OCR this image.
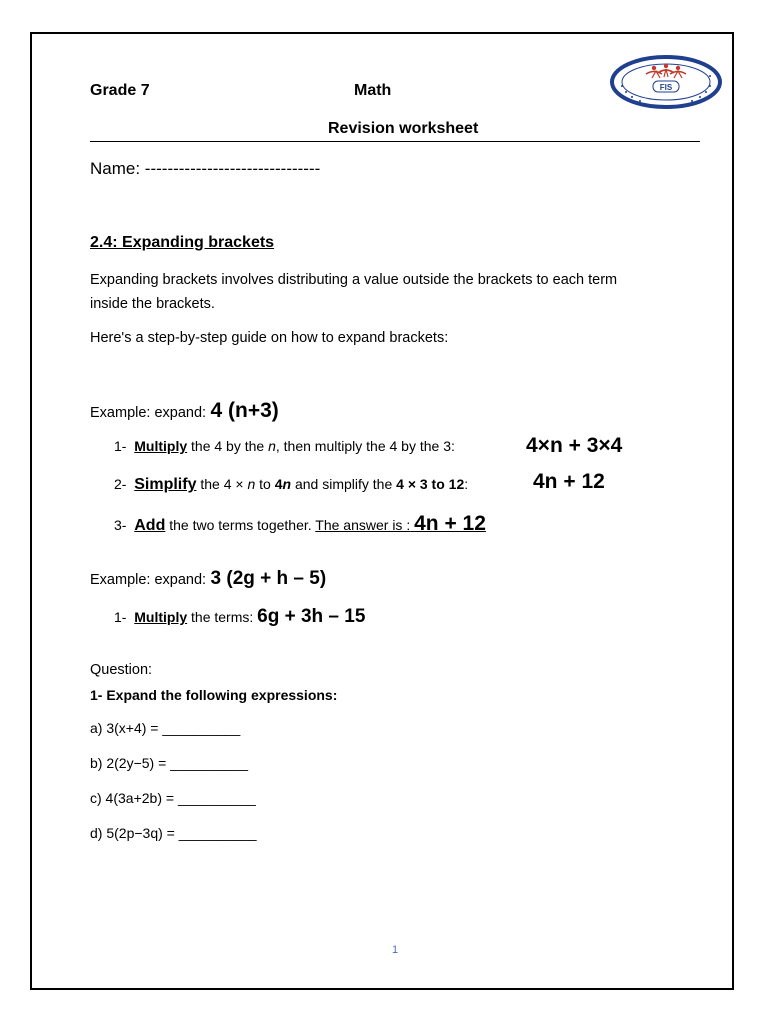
Grade 7	Math	FIS
Revision worksheet
Name: -------------------------------
2.4: Expanding brackets
Expanding brackets involves distributing a value outside the brackets to each term
inside the brackets.
Here's a step-by-step guide on how to expand brackets:
Example: expand: 4 (n+3)
1- Multiply the 4 by the n, then multiply the 4 by the 3:	4×n + 3×4
2- Simplify the 4 × n to 4n and simplify the 4 × 3 to 12:	4n + 12
3- Add the two terms together. The answer is : 4n + 12
Example: expand: 3 (2g + h – 5)
1- Multiply the terms: 6g + 3h – 15
Question:
1- Expand the following expressions:
a) 3(x+4) = __________
b) 2(2y−5) = __________
c) 4(3a+2b) = __________
d) 5(2p−3q) = __________
1
